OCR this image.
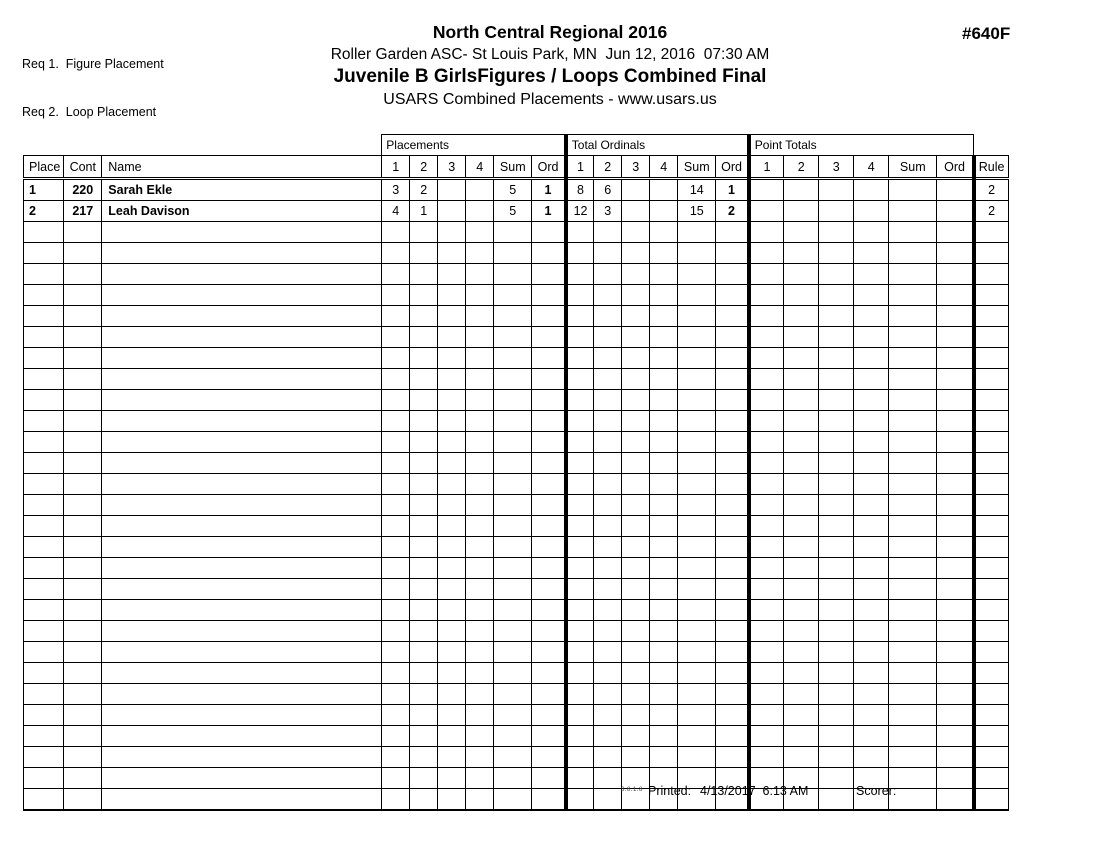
Req 1.  Figure Placement

Req 2.  Loop Placement

North Central Regional 2016
Roller Garden ASC- St Louis Park, MN  Jun 12, 2016  07:30 AM
Juvenile B GirlsFigures / Loops Combined Final
USARS Combined Placements - www.usars.us
#640F
			Placements						Total Ordinals						Point Totals						
Place	Cont	Name	1	2	3	4	Sum	Ord	1	2	3	4	Sum	Ord	1	2	3	4	Sum	Ord	Rule
1	220	Sarah Ekle	3	2			5	1	8	6			14	1							2
2	217	Leah Davison	4	1			5	1	12	3			15	2							2

3.8.1.8 Printed: 4/13/2017  6:13 AM	Scorer:
